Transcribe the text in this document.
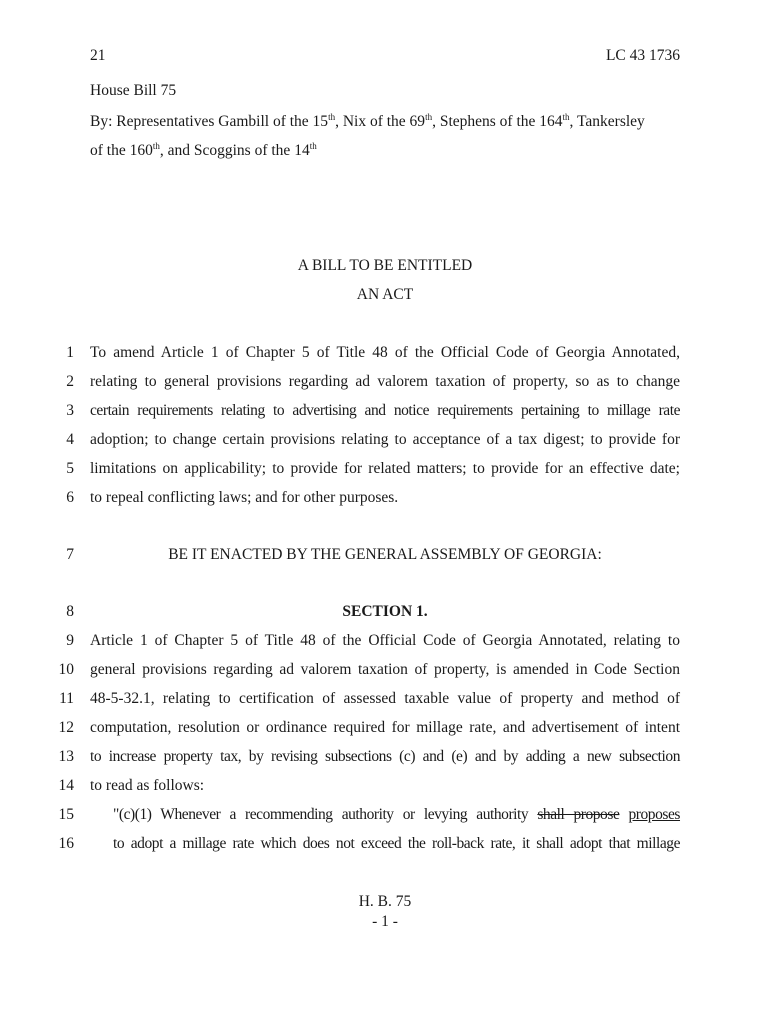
21	LC 43 1736
House Bill 75
By: Representatives Gambill of the 15th, Nix of the 69th, Stephens of the 164th, Tankersley
of the 160th, and Scoggins of the 14th
A BILL TO BE ENTITLED
AN ACT
1 To amend Article 1 of Chapter 5 of Title 48 of the Official Code of Georgia Annotated,
2 relating to general provisions regarding ad valorem taxation of property, so as to change
3 certain requirements relating to advertising and notice requirements pertaining to millage rate
4 adoption; to change certain provisions relating to acceptance of a tax digest; to provide for
5 limitations on applicability; to provide for related matters; to provide for an effective date;
6 to repeal conflicting laws; and for other purposes.
7	BE IT ENACTED BY THE GENERAL ASSEMBLY OF GEORGIA:
8	SECTION 1.
9 Article 1 of Chapter 5 of Title 48 of the Official Code of Georgia Annotated, relating to
10 general provisions regarding ad valorem taxation of property, is amended in Code Section
11 48-5-32.1, relating to certification of assessed taxable value of property and method of
12 computation, resolution or ordinance required for millage rate, and advertisement of intent
13 to increase property tax, by revising subsections (c) and (e) and by adding a new subsection
14 to read as follows:
15	"(c)(1) Whenever a recommending authority or levying authority shall propose proposes
16	to adopt a millage rate which does not exceed the roll-back rate, it shall adopt that millage
H. B. 75
- 1 -
